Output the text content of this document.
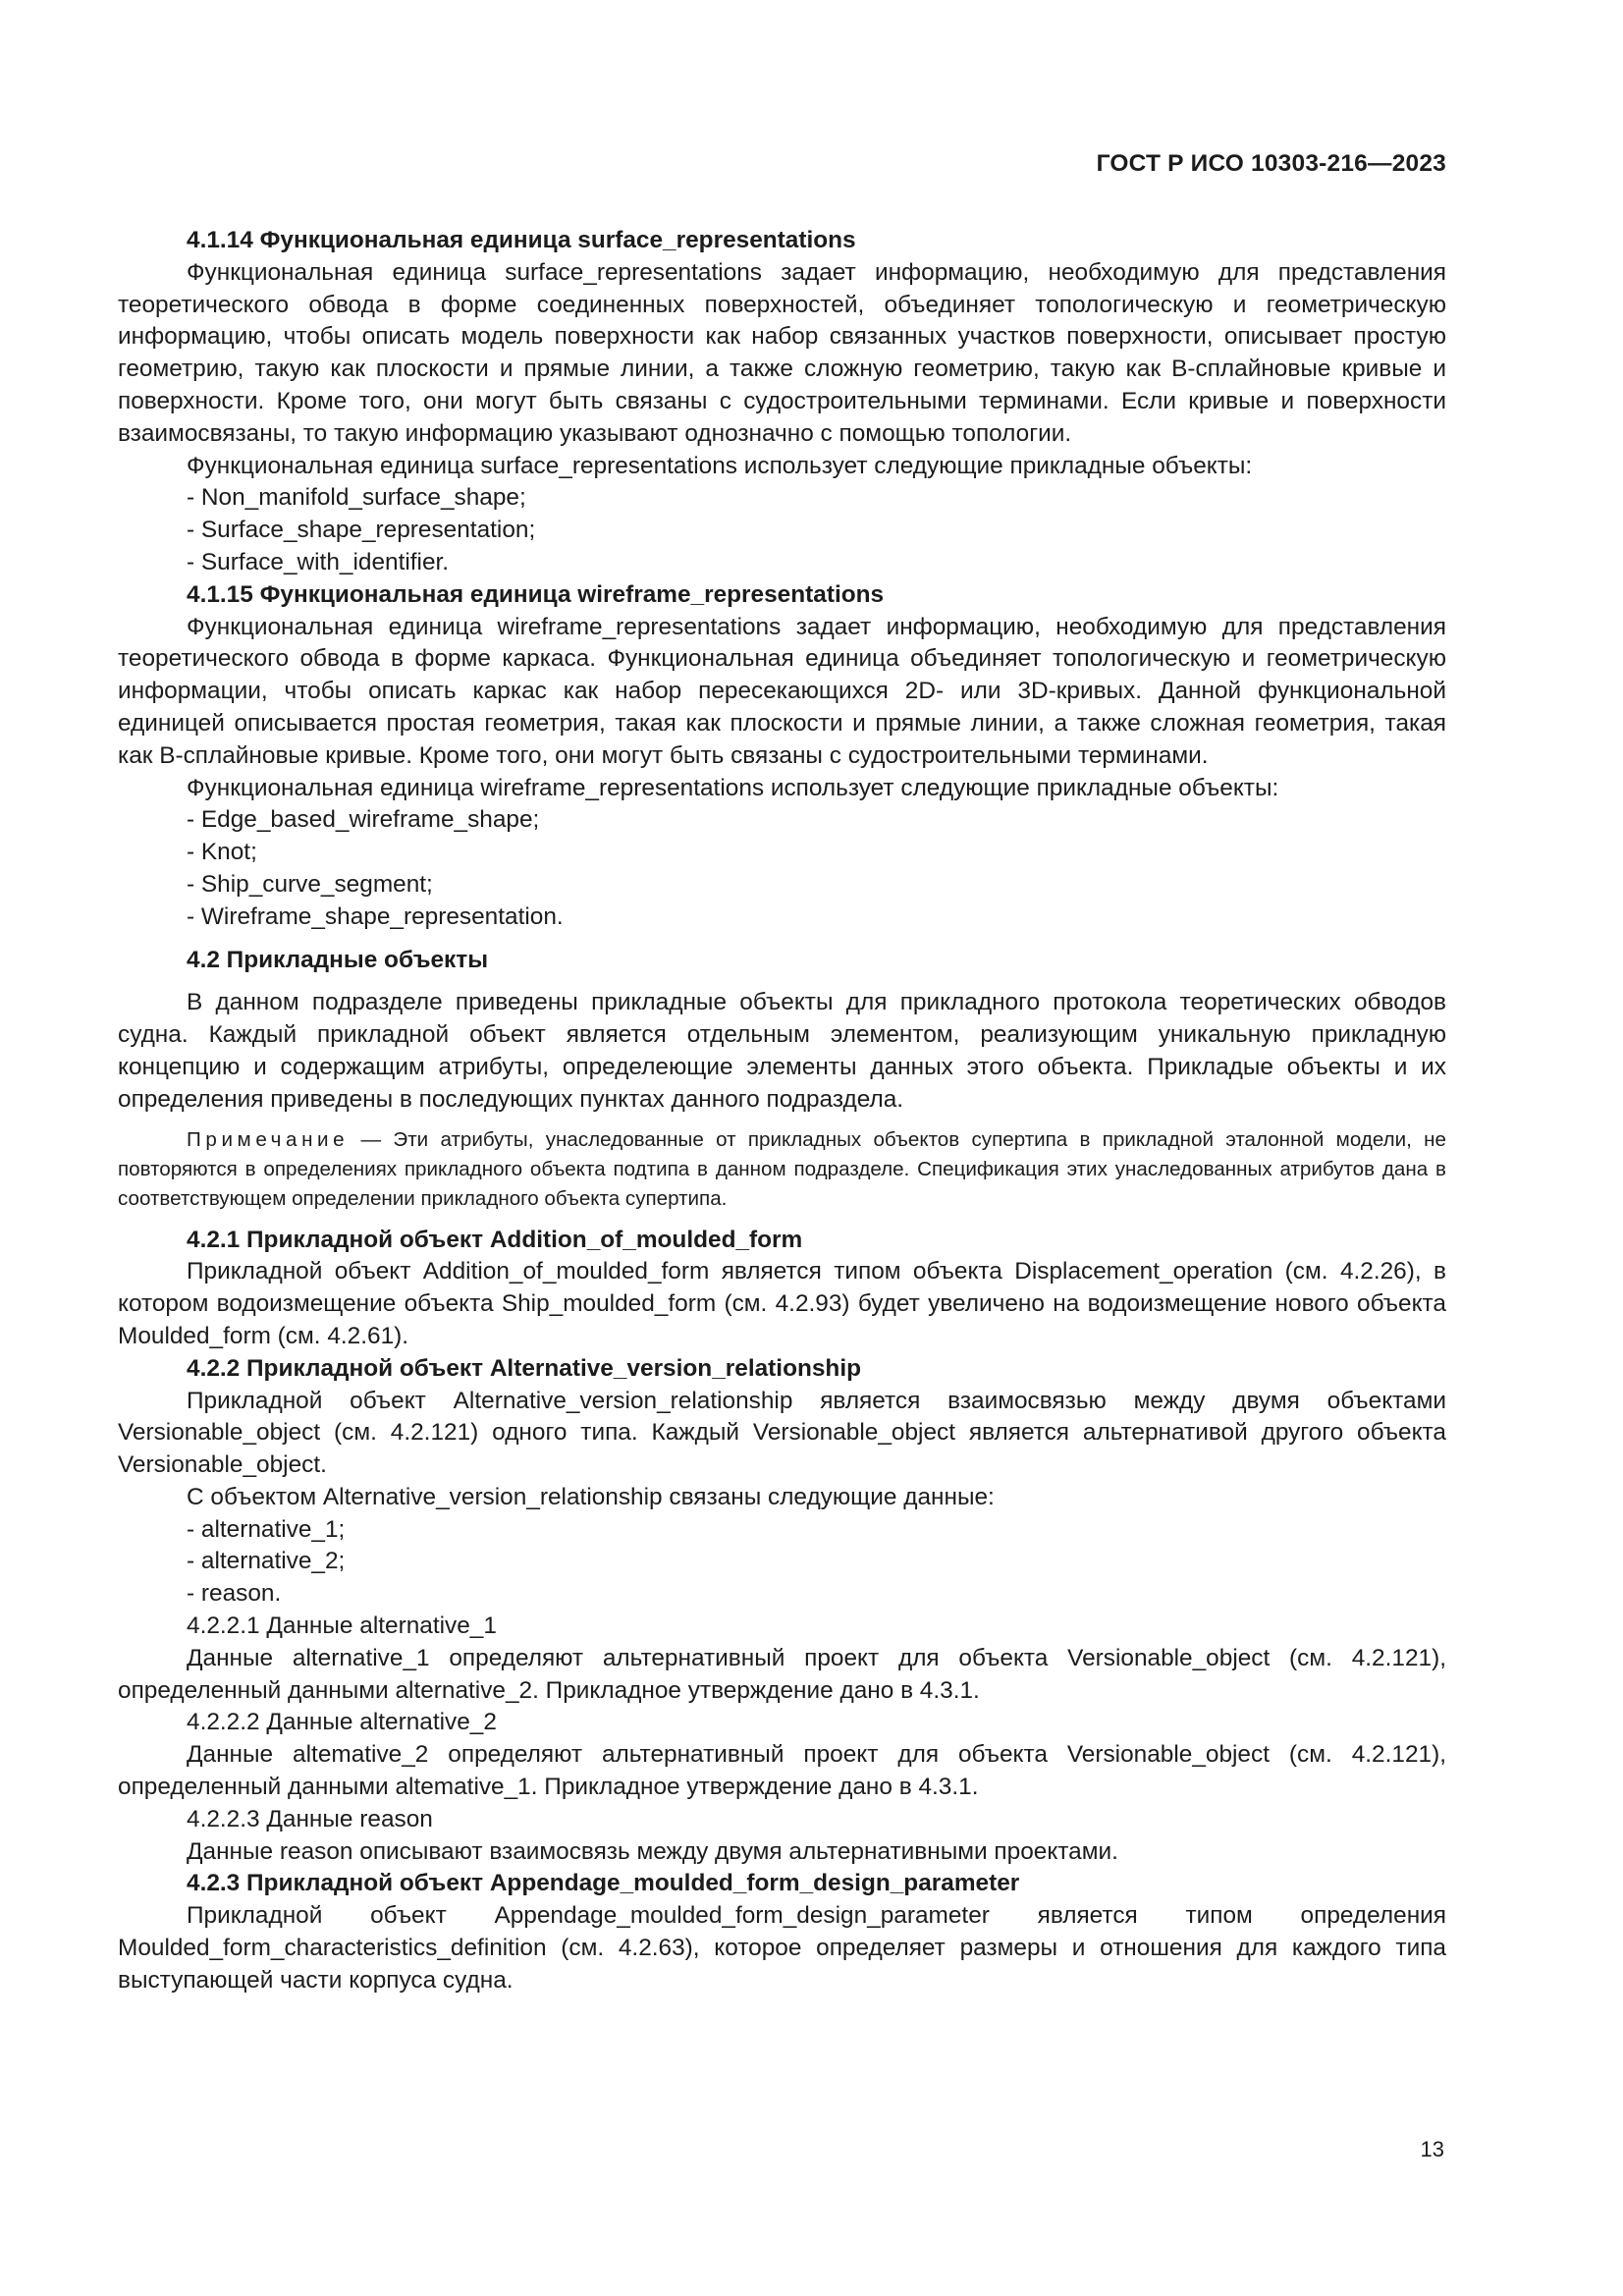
ГОСТ Р ИСО 10303-216—2023

4.1.14 Функциональная единица surface_representations

Функциональная единица surface_representations задает информацию, необходимую для представления теоретического обвода в форме соединенных поверхностей, объединяет топологическую и геометрическую информацию, чтобы описать модель поверхности как набор связанных участков поверхности, описывает простую геометрию, такую как плоскости и прямые линии, а также сложную геометрию, такую как B-сплайновые кривые и поверхности. Кроме того, они могут быть связаны с судостроительными терминами. Если кривые и поверхности взаимосвязаны, то такую информацию указывают однозначно с помощью топологии.

Функциональная единица surface_representations использует следующие прикладные объекты:

- Non_manifold_surface_shape;
- Surface_shape_representation;
- Surface_with_identifier.

4.1.15 Функциональная единица wireframe_representations

Функциональная единица wireframe_representations задает информацию, необходимую для представления теоретического обвода в форме каркаса. Функциональная единица объединяет топологическую и геометрическую информации, чтобы описать каркас как набор пересекающихся 2D- или 3D-кривых. Данной функциональной единицей описывается простая геометрия, такая как плоскости и прямые линии, а также сложная геометрия, такая как B-сплайновые кривые. Кроме того, они могут быть связаны с судостроительными терминами.

Функциональная единица wireframe_representations использует следующие прикладные объекты:

- Edge_based_wireframe_shape;
- Knot;
- Ship_curve_segment;
- Wireframe_shape_representation.
4.2 Прикладные объекты

В данном подразделе приведены прикладные объекты для прикладного протокола теоретических обводов судна. Каждый прикладной объект является отдельным элементом, реализующим уникальную прикладную концепцию и содержащим атрибуты, определеющие элементы данных этого объекта. Прикладые объекты и их определения приведены в последующих пунктах данного подраздела.

Примечание — Эти атрибуты, унаследованные от прикладных объектов супертипа в прикладной эталонной модели, не повторяются в определениях прикладного объекта подтипа в данном подразделе. Спецификация этих унаследованных атрибутов дана в соответствующем определении прикладного объекта супертипа.

4.2.1 Прикладной объект Addition_of_moulded_form

Прикладной объект Addition_of_moulded_form является типом объекта Displacement_operation (см. 4.2.26), в котором водоизмещение объекта Ship_moulded_form (см. 4.2.93) будет увеличено на водоизмещение нового объекта Moulded_form (см. 4.2.61).

4.2.2 Прикладной объект Alternative_version_relationship

Прикладной объект Alternative_version_relationship является взаимосвязью между двумя объектами Versionable_object (см. 4.2.121) одного типа. Каждый Versionable_object является альтернативой другого объекта Versionable_object.

С объектом Alternative_version_relationship связаны следующие данные:

- alternative_1;
- alternative_2;
- reason.

4.2.2.1 Данные alternative_1

Данные alternative_1 определяют альтернативный проект для объекта Versionable_object (см. 4.2.121), определенный данными alternative_2. Прикладное утверждение дано в 4.3.1.

4.2.2.2 Данные alternative_2

Данные altemative_2 определяют альтернативный проект для объекта Versionable_object (см. 4.2.121), определенный данными altemative_1. Прикладное утверждение дано в 4.3.1.

4.2.2.3 Данные reason

Данные reason описывают взаимосвязь между двумя альтернативными проектами.

4.2.3 Прикладной объект Appendage_moulded_form_design_parameter

Прикладной объект Appendage_moulded_form_design_parameter является типом определения Moulded_form_characteristics_definition (см. 4.2.63), которое определяет размеры и отношения для каждого типа выступающей части корпуса судна.

13
